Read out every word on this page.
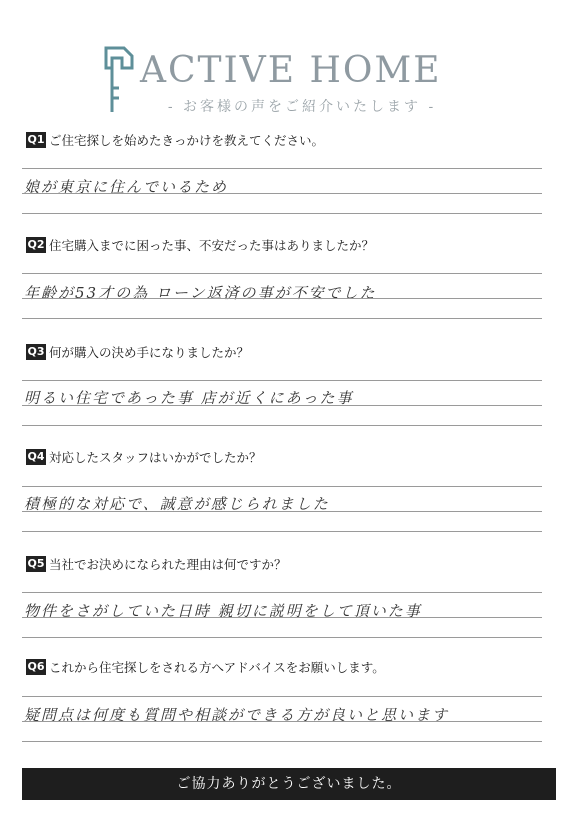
ACTIVE HOME
- お客様の声をご紹介いたします -
Q1 ご住宅探しを始めたきっかけを教えてください。
娘が東京に住んでいるため
Q2 住宅購入までに困った事、不安だった事はありましたか？
年齢が53才の為 ローン返済の事が不安でした
Q3 何が購入の決め手になりましたか？
明るい住宅であった事 店が近くにあった事
Q4 対応したスタッフはいかがでしたか？
積極的な対応で、誠意が感じられました
Q5 当社でお決めになられた理由は何ですか？
物件をさがしていた日時 親切に説明をして頂いた事
Q6 これから住宅探しをされる方へアドバイスをお願いします。
疑問点は何度も質問や相談ができる方が良いと思います
ご協力ありがとうございました。
